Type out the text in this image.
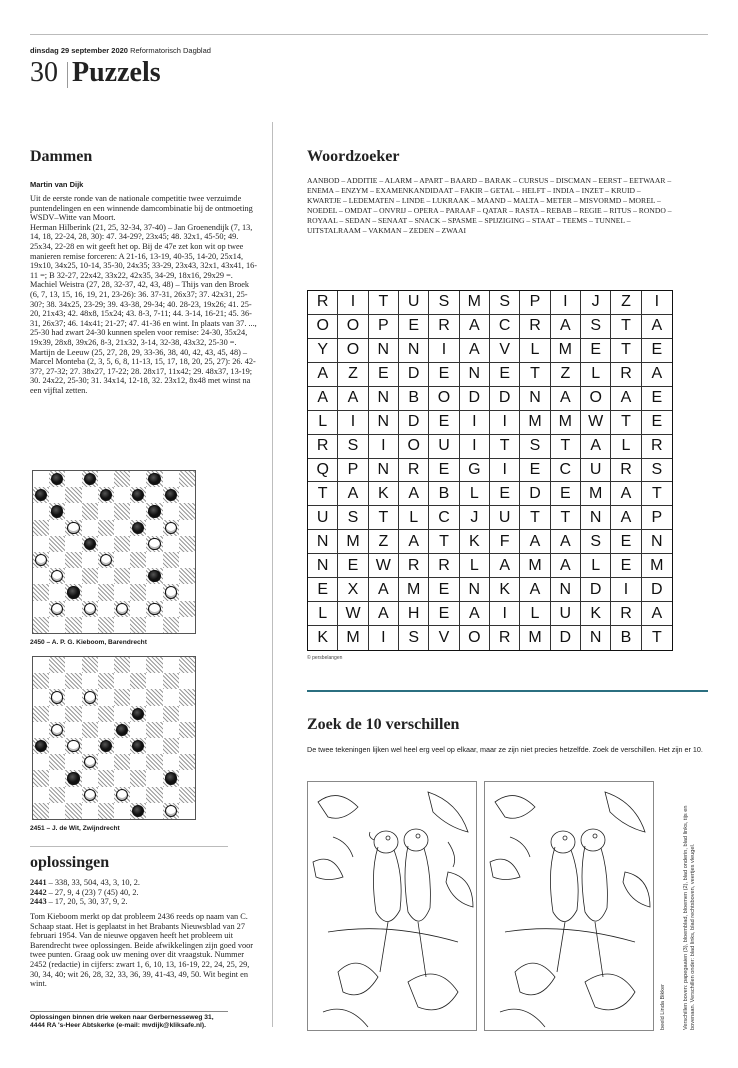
dinsdag 29 september 2020 Reformatorisch Dagblad
30 Puzzels
Dammen
Martin van Dijk

Uit de eerste ronde van de nationale competitie twee verzuimde puntendelingen en een winnende damcombinatie bij de ontmoeting WSDV–Witte van Moort.

Herman Hilberink (21, 25, 32-34, 37-40) – Jan Groenendijk (7, 13, 14, 18, 22-24, 28, 30): 47. 34-29?, 23x45; 48. 32x1, 45-50; 49. 25x34, 22-28 en wit geeft het op. Bij de 47e zet kon wit op twee manieren remise forceren: A 21-16, 13-19, 40-35, 14-20, 25x14, 19x10, 34x25, 10-14, 35-30, 24x35; 33-29, 23x43, 32x1, 43x41, 16-11 =; B 32-27, 22x42, 33x22, 42x35, 34-29, 18x16, 29x29 =.

Machiel Weistra (27, 28, 32-37, 42, 43, 48) – Thijs van den Broek (6, 7, 13, 15, 16, 19, 21, 23-26): 36. 37-31, 26x37; 37. 42x31, 25-30?; 38. 34x25, 23-29; 39. 43-38, 29-34; 40. 28-23, 19x26; 41. 25-20, 21x43; 42. 48x8, 15x24; 43. 8-3, 7-11; 44. 3-14, 16-21; 45. 36-31, 26x37; 46. 14x41; 21-27; 47. 41-36 en wint. In plaats van 37. ..., 25-30 had zwart 24-30 kunnen spelen voor remise: 24-30, 35x24, 19x39, 28x8, 39x26, 8-3, 21x32, 3-14, 32-38, 43x32, 25-30 =.

Martijn de Leeuw (25, 27, 28, 29, 33-36, 38, 40, 42, 43, 45, 48) – Marcel Monteba (2, 3, 5, 6, 8, 11-13, 15, 17, 18, 20, 25, 27): 26. 42-37?, 27-32; 27. 38x27, 17-22; 28. 28x17, 11x42; 29. 48x37, 13-19; 30. 24x22, 25-30; 31. 34x14, 12-18, 32. 23x12, 8x48 met winst na een vijftal zetten.

2450 – A. P. G. Kieboom, Barendrecht
2451 – J. de Wit, Zwijndrecht
oplossingen

2441 – 338, 33, 504, 43, 3, 10, 2.

2442 – 27, 9, 4 (23) 7 (45) 40, 2.

2443 – 17, 20, 5, 30, 37, 9, 2.

Tom Kieboom merkt op dat probleem 2436 reeds op naam van C. Schaap staat. Het is geplaatst in het Brabants Nieuwsblad van 27 februari 1954. Van de nieuwe opgaven heeft het probleem uit Barendrecht twee oplossingen. Beide afwikkelingen zijn goed voor twee punten. Graag ook uw mening over dit vraagstuk. Nummer 2452 (redactie) in cijfers: zwart 1, 6, 10, 13, 16-19, 22, 24, 25, 29, 30, 34, 40; wit 26, 28, 32, 33, 36, 39, 41-43, 49, 50. Wit begint en wint.
Oplossingen binnen drie weken naar Gerbernesseweg 31, 4444 RA 's-Heer Abtskerke (e-mail: mvdijk@kliksafe.nl).
Woordzoeker
AANBOD – ADDITIE – ALARM – APART – BAARD – BARAK – CURSUS – DISCMAN – EERST – EETWAAR – ENEMA – ENZYM – EXAMENKANDIDAAT – FAKIR – GETAL – HELFT – INDIA – INZET – KRUID – KWARTJE – LEDEMATEN – LINDE – LUKRAAK – MAAND – MALTA – METER – MISVORMD – MOREL – NOEDEL – OMDAT – ONVRIJ – OPERA – PARAAF – QATAR – RASTA – REBAB – REGIE – RITUS – RONDO – ROYAAL – SEDAN – SENAAT – SNACK – SPASME – SPIJZIGING – STAAT – TEEMS – TUNNEL – UITSTALRAAM – VAKMAN – ZEDEN – ZWAAI
R	I	T	U	S	M	S	P	I	J	Z	I
O	O	P	E	R	A	C	R	A	S	T	A
Y	O	N	N	I	A	V	L	M	E	T	E
A	Z	E	D	E	N	E	T	Z	L	R	A
A	A	N	B	O	D	D	N	A	O	A	E
L	I	N	D	E	I	I	M	M	W	T	E
R	S	I	O	U	I	T	S	T	A	L	R
Q	P	N	R	E	G	I	E	C	U	R	S
T	A	K	A	B	L	E	D	E	M	A	T
U	S	T	L	C	J	U	T	T	N	A	P
N	M	Z	A	T	K	F	A	A	S	E	N
N	E	W	R	R	L	A	M	A	L	E	M
E	X	A	M	E	N	K	A	N	D	I	D
L	W	A	H	E	A	I	L	U	K	R	A
K	M	I	S	V	O	R	M	D	N	B	T
© persbelangen
Zoek de 10 verschillen
De twee tekeningen lijken wel heel erg veel op elkaar, maar ze zijn niet precies hetzelfde. Zoek de verschillen. Het zijn er 10.
beeld Linda Bikker	Verschillen boven: papegaaien (3), bloemblad, bloemen (2), blad onderin, blad links, tijs en bovenaan. Verschillen onder: blad links, blad rechtsboven, veertjes vleugel.
